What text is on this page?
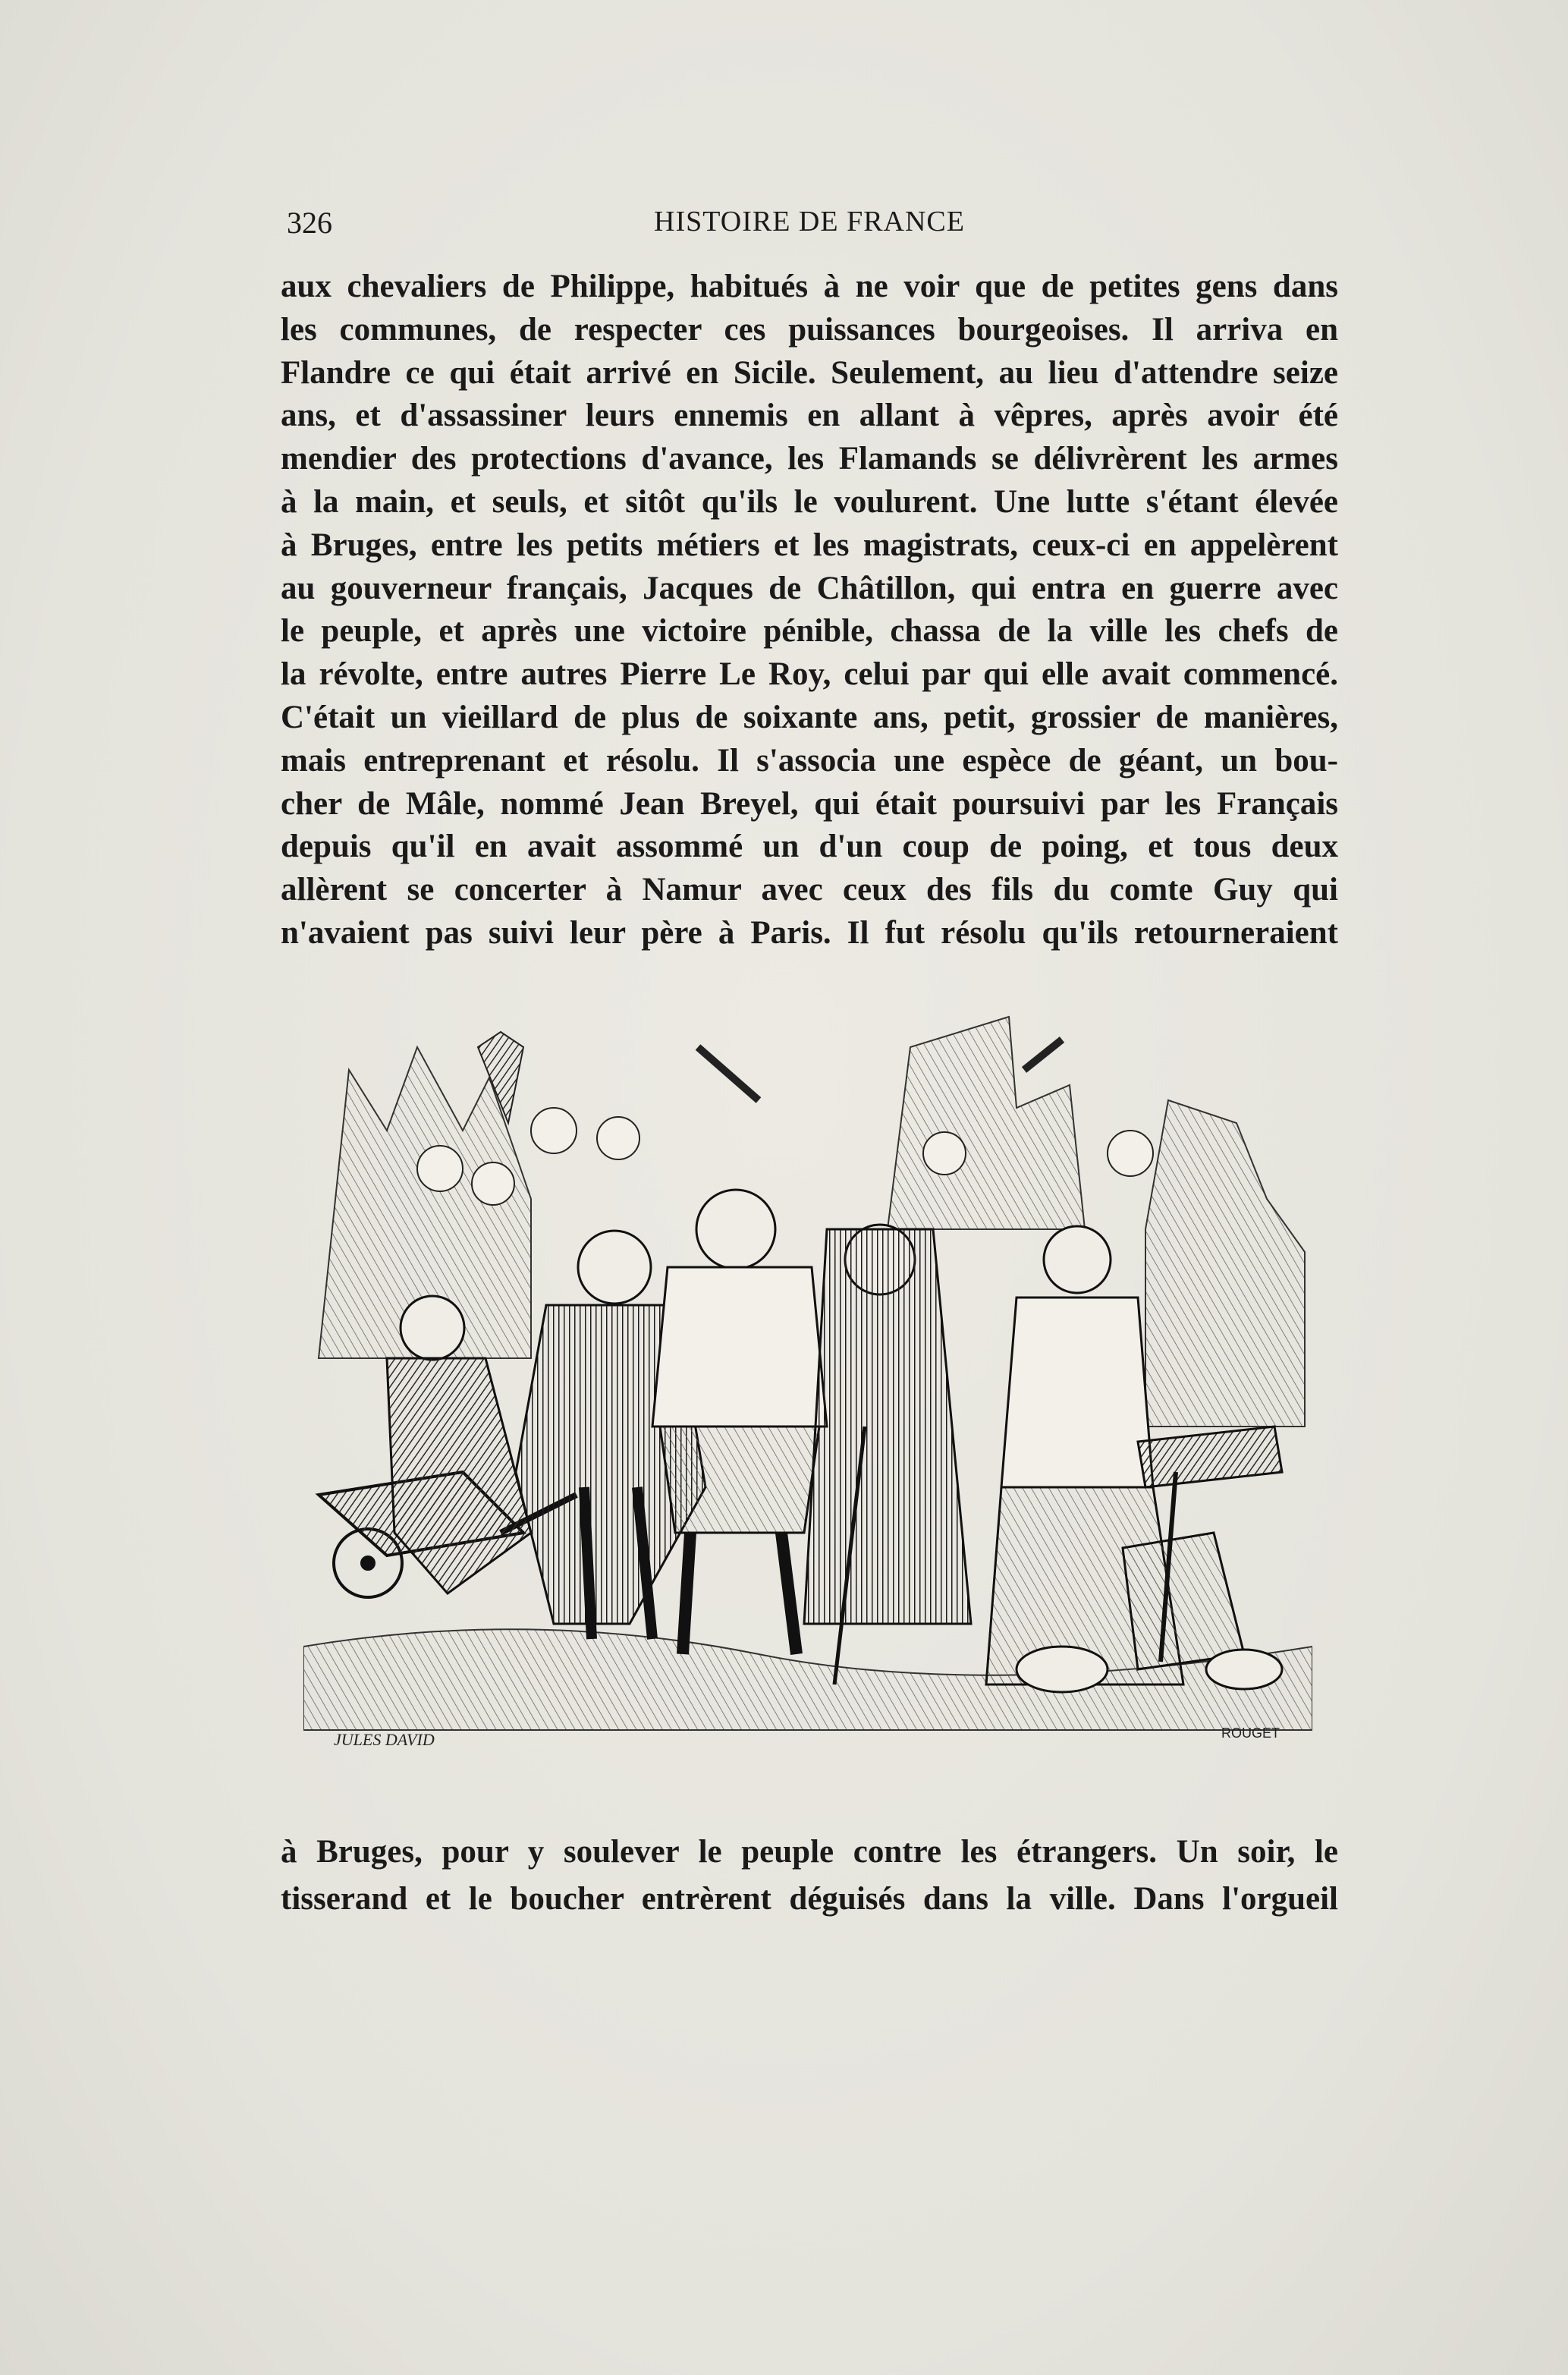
326	HISTOIRE DE FRANCE
aux chevaliers de Philippe, habitués à ne voir que de petites gens dans
les communes, de respecter ces puissances bourgeoises. Il arriva en
Flandre ce qui était arrivé en Sicile. Seulement, au lieu d'attendre seize
ans, et d'assassiner leurs ennemis en allant à vêpres, après avoir été
mendier des protections d'avance, les Flamands se délivrèrent les armes
à la main, et seuls, et sitôt qu'ils le voulurent. Une lutte s'étant élevée
à Bruges, entre les petits métiers et les magistrats, ceux-ci en appelèrent
au gouverneur français, Jacques de Châtillon, qui entra en guerre avec
le peuple, et après une victoire pénible, chassa de la ville les chefs de
la révolte, entre autres Pierre Le Roy, celui par qui elle avait commencé.
C'était un vieillard de plus de soixante ans, petit, grossier de manières,
mais entreprenant et résolu. Il s'associa une espèce de géant, un bou-
cher de Mâle, nommé Jean Breyel, qui était poursuivi par les Français
depuis qu'il en avait assommé un d'un coup de poing, et tous deux
allèrent se concerter à Namur avec ceux des fils du comte Guy qui
n'avaient pas suivi leur père à Paris. Il fut résolu qu'ils retourneraient
JULES DAVID	ROUGET
à Bruges, pour y soulever le peuple contre les étrangers. Un soir, le
tisserand et le boucher entrèrent déguisés dans la ville. Dans l'orgueil
